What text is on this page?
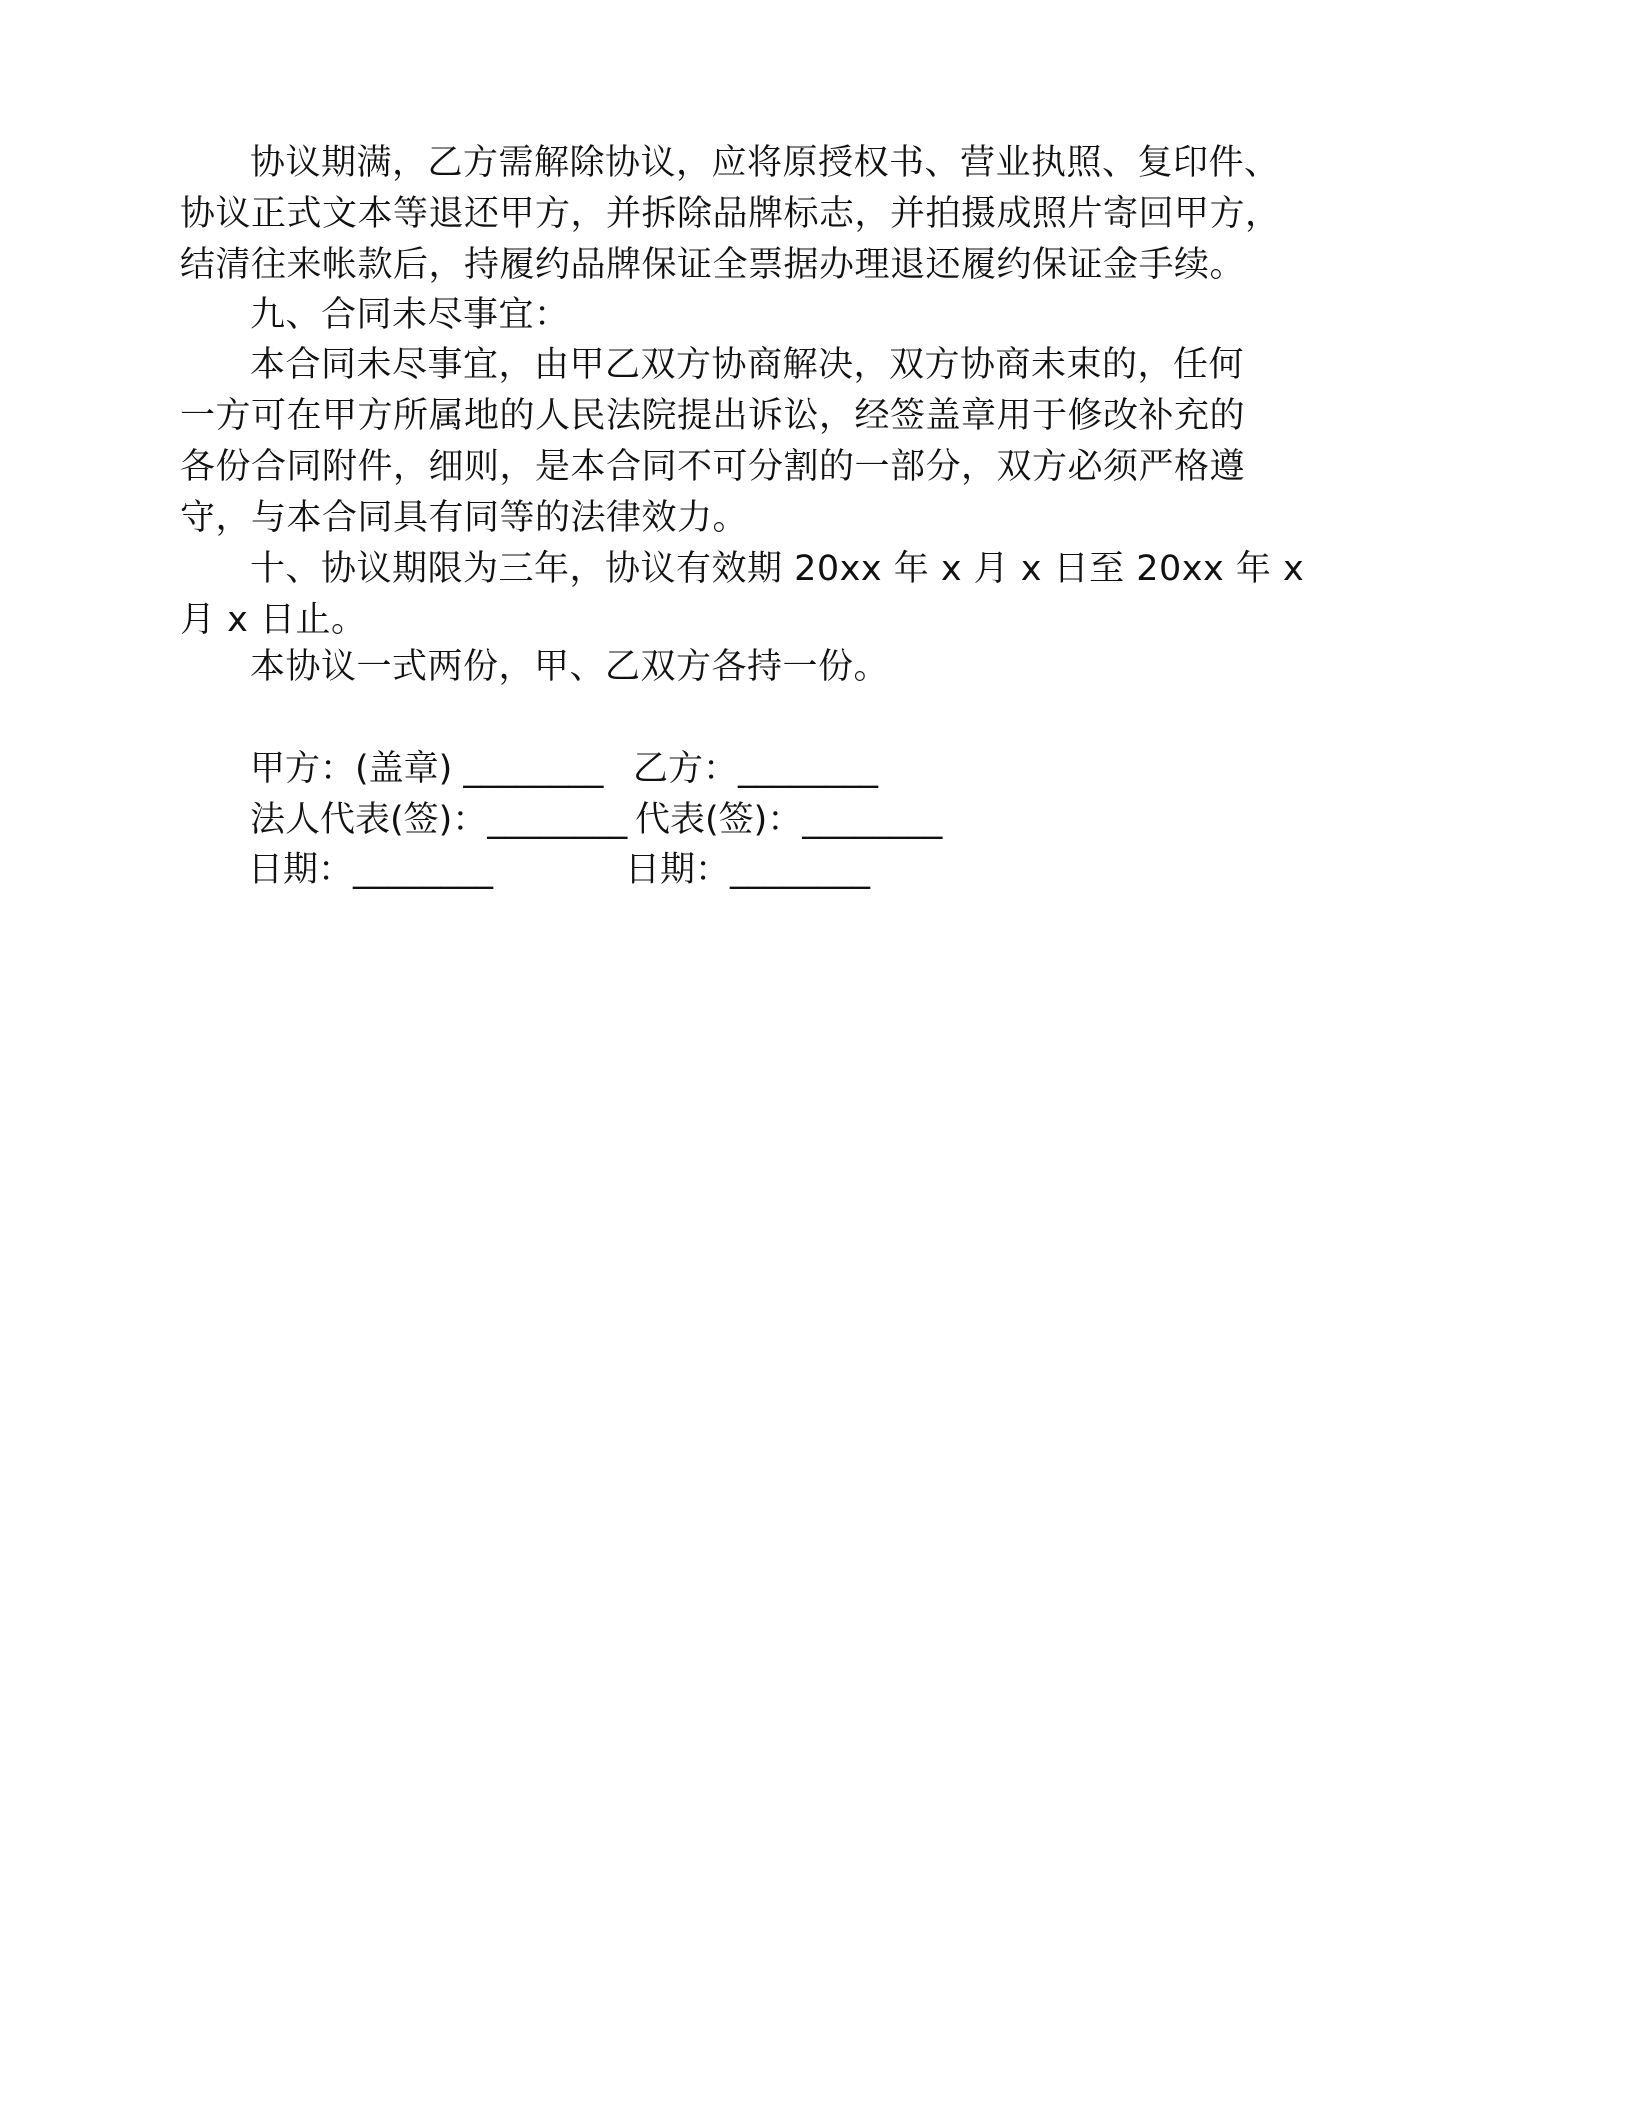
协议期满，乙方需解除协议，应将原授权书、营业执照、复印件、
协议正式文本等退还甲方，并拆除品牌标志，并拍摄成照片寄回甲方，
结清往来帐款后，持履约品牌保证全票据办理退还履约保证金手续。
九、合同未尽事宜：
本合同未尽事宜，由甲乙双方协商解决，双方协商未束的，任何
一方可在甲方所属地的人民法院提出诉讼，经签盖章用于修改补充的
各份合同附件，细则，是本合同不可分割的一部分，双方必须严格遵
守，与本合同具有同等的法律效力。
十、协议期限为三年，协议有效期 20xx 年 x 月 x 日至 20xx 年 x
月 x 日止。
本协议一式两份，甲、乙双方各持一份。
甲方：(盖章) ________ 乙方：________
法人代表(签)：________ 代表(签)：________
日期：________	日期：________
